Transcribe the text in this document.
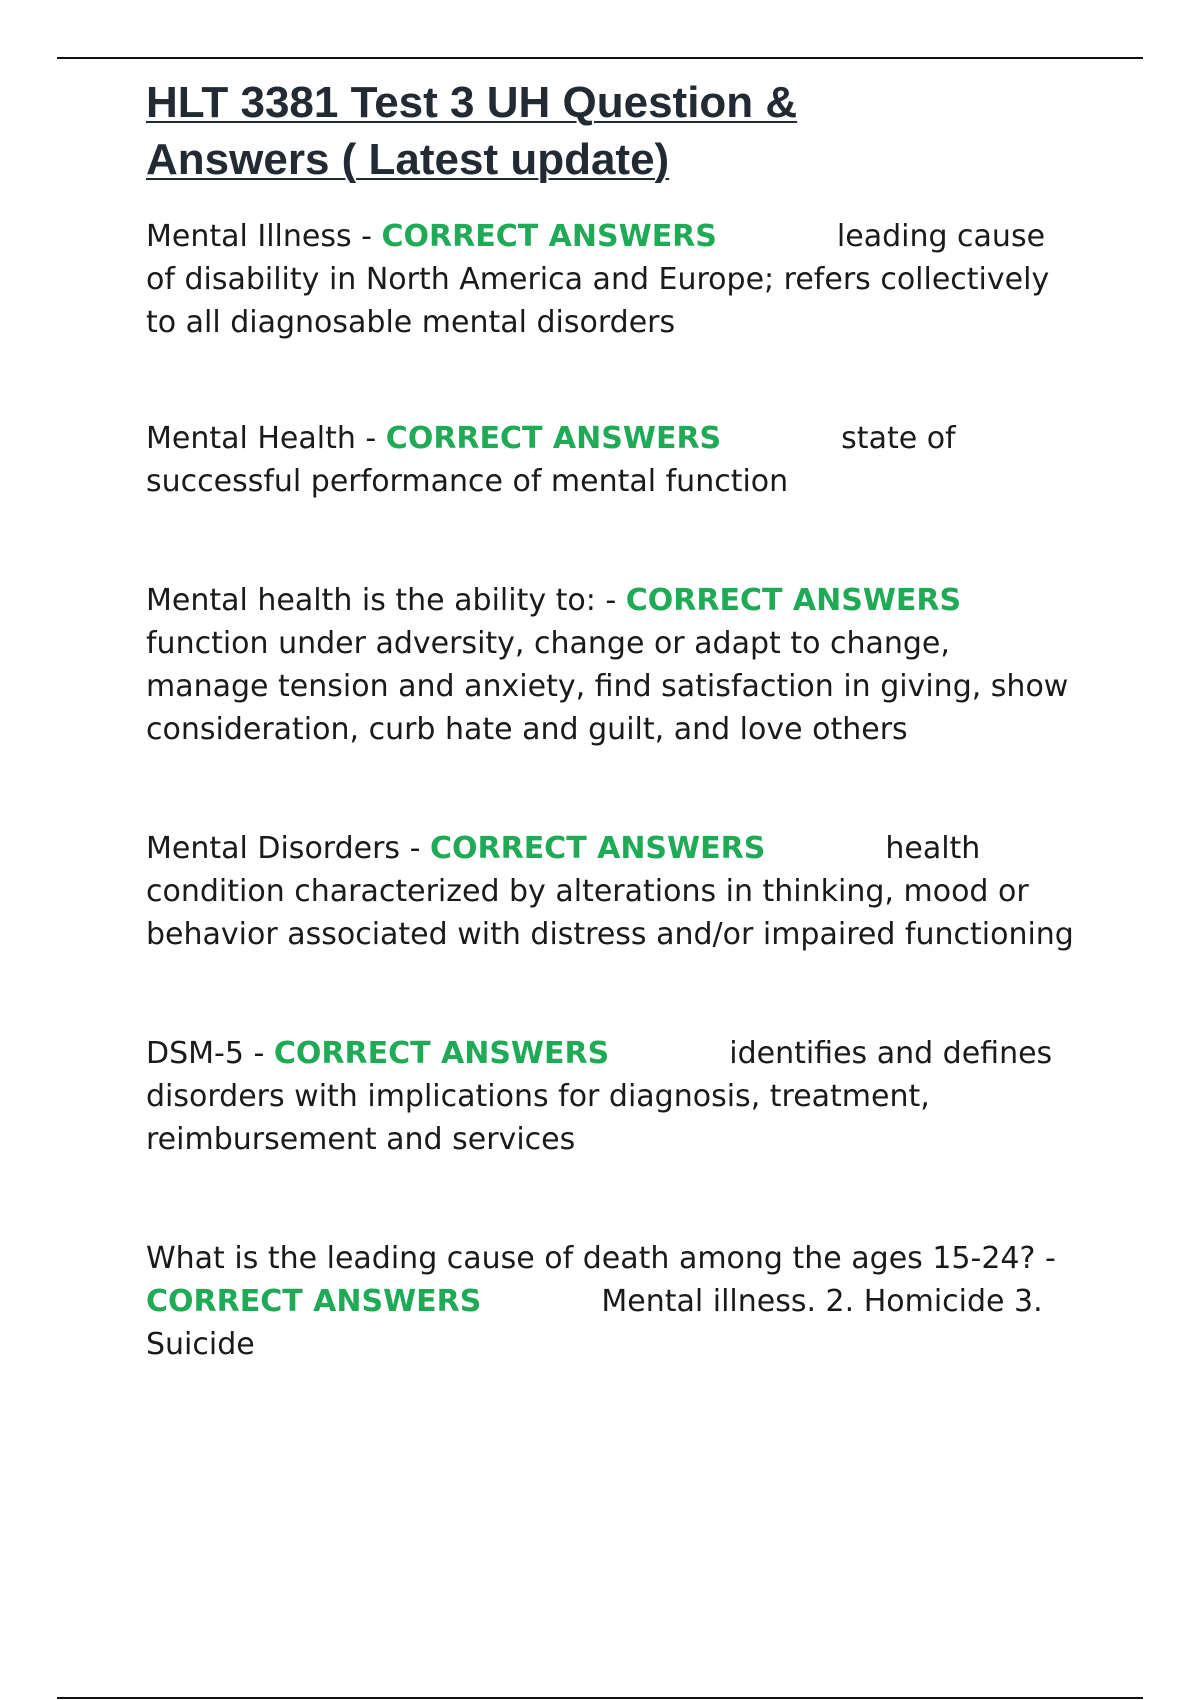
HLT 3381 Test 3 UH Question &
Answers ( Latest update)

Mental Illness - CORRECT ANSWERS	leading cause of disability in North America and Europe; refers collectively to all diagnosable mental disorders

Mental Health - CORRECT ANSWERS	state of successful performance of mental function

Mental health is the ability to: - CORRECT ANSWERS function under adversity, change or adapt to change, manage tension and anxiety, find satisfaction in giving, show consideration, curb hate and guilt, and love others

Mental Disorders - CORRECT ANSWERS	health condition characterized by alterations in thinking, mood or behavior associated with distress and/or impaired functioning

DSM-5 - CORRECT ANSWERS	identifies and defines disorders with implications for diagnosis, treatment, reimbursement and services

What is the leading cause of death among the ages 15-24? - CORRECT ANSWERS	Mental illness. 2. Homicide 3. Suicide
